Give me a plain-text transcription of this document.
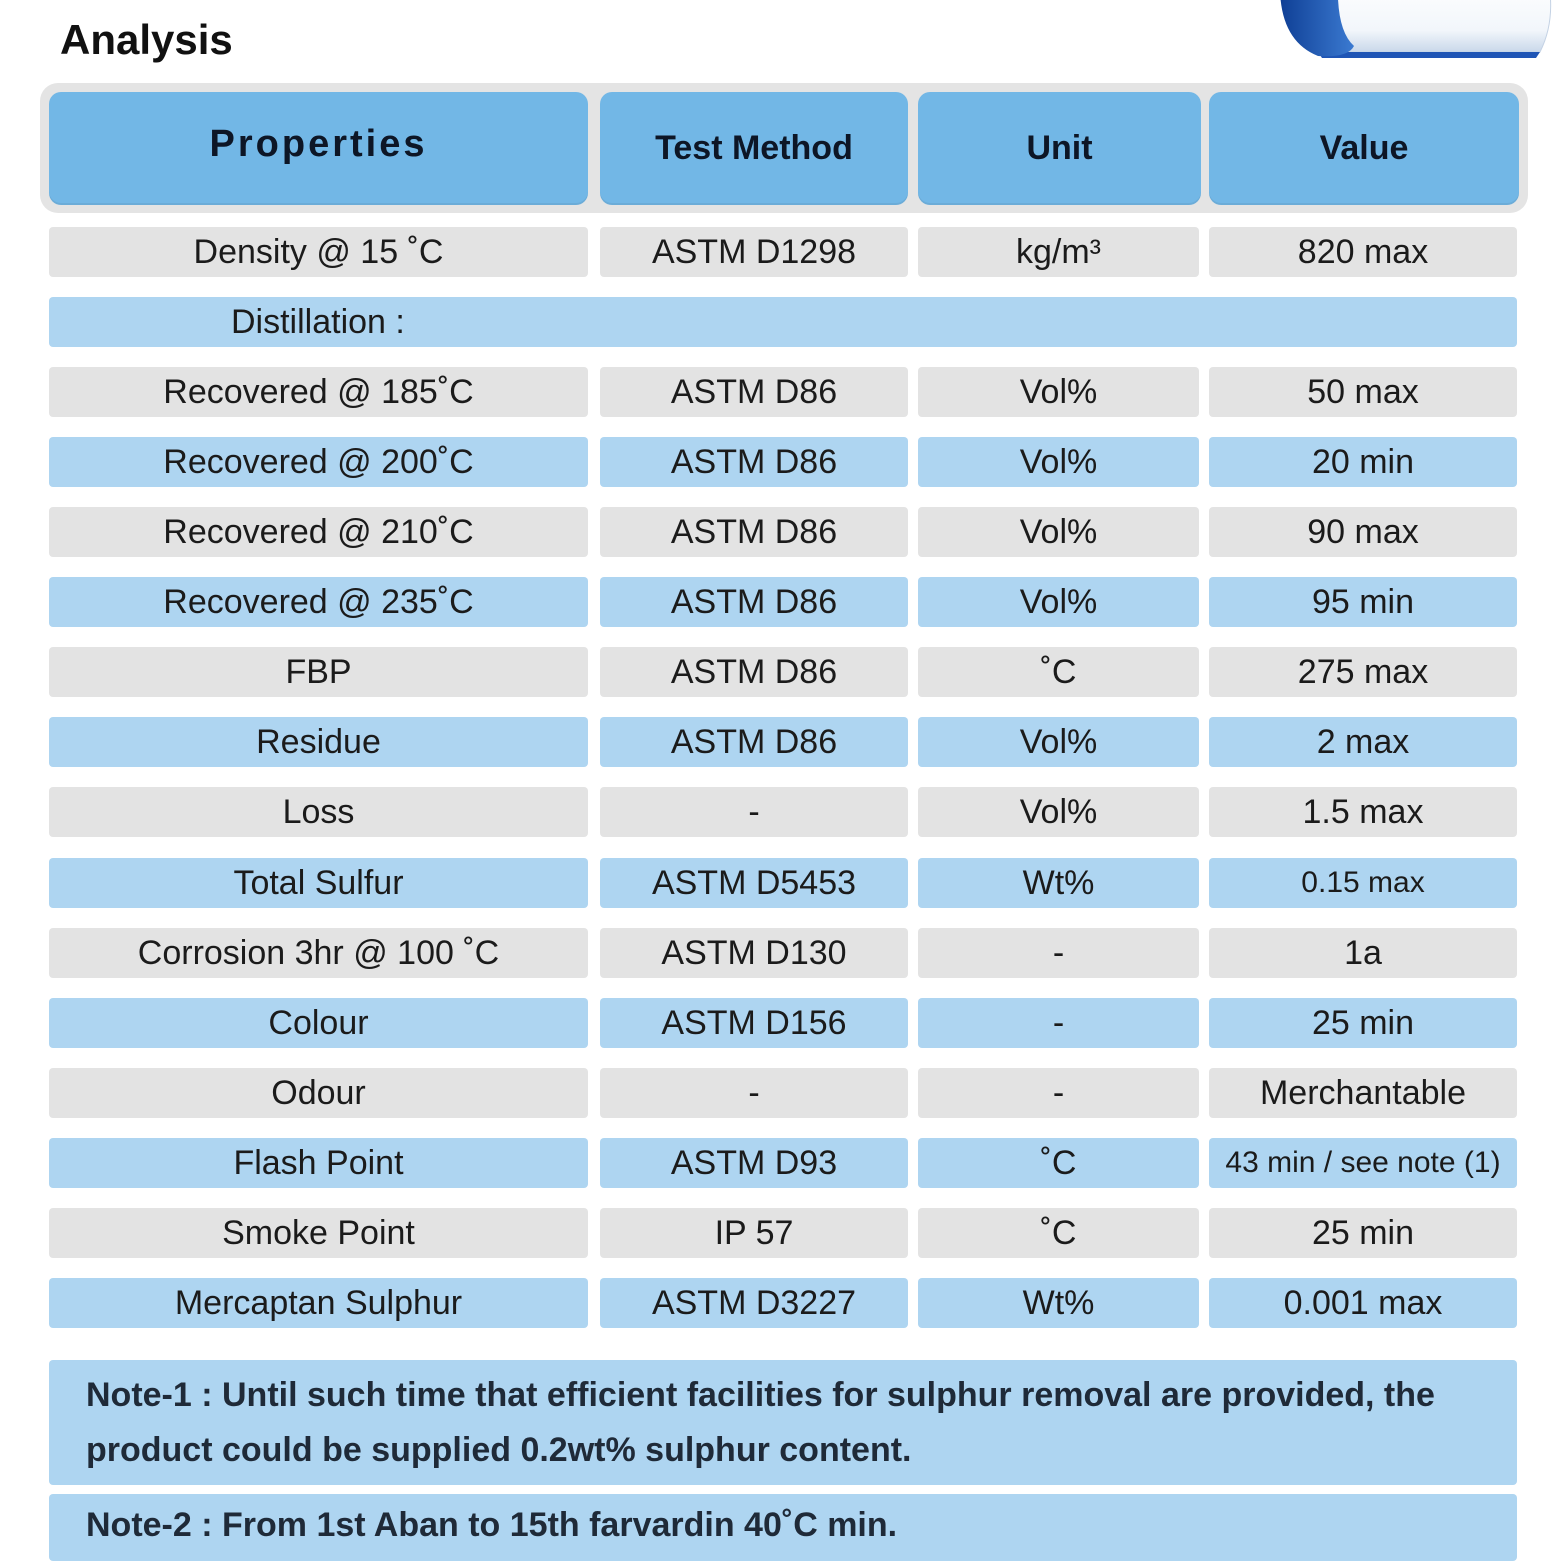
Analysis
Properties	Test Method	Unit	Value
Density @ 15 ˚C	ASTM D1298	kg/m³	820 max
Distillation :
Recovered @ 185˚C	ASTM D86	Vol%	50 max
Recovered @ 200˚C	ASTM D86	Vol%	20 min
Recovered @ 210˚C	ASTM D86	Vol%	90 max
Recovered @ 235˚C	ASTM D86	Vol%	95 min
FBP	ASTM D86	˚C	275 max
Residue	ASTM D86	Vol%	2 max
Loss	-	Vol%	1.5 max
Total Sulfur	ASTM D5453	Wt%	0.15 max
Corrosion 3hr @ 100 ˚C	ASTM D130	-	1a
Colour	ASTM D156	-	25 min
Odour	-	-	Merchantable
Flash Point	ASTM D93	˚C	43 min / see note (1)
Smoke Point	IP 57	˚C	25 min
Mercaptan Sulphur	ASTM D3227	Wt%	0.001 max
Note-1 : Until such time that efficient facilities for sulphur removal are provided, the product could be supplied 0.2wt% sulphur content.
Note-2 : From 1st Aban to 15th farvardin 40˚C min.
